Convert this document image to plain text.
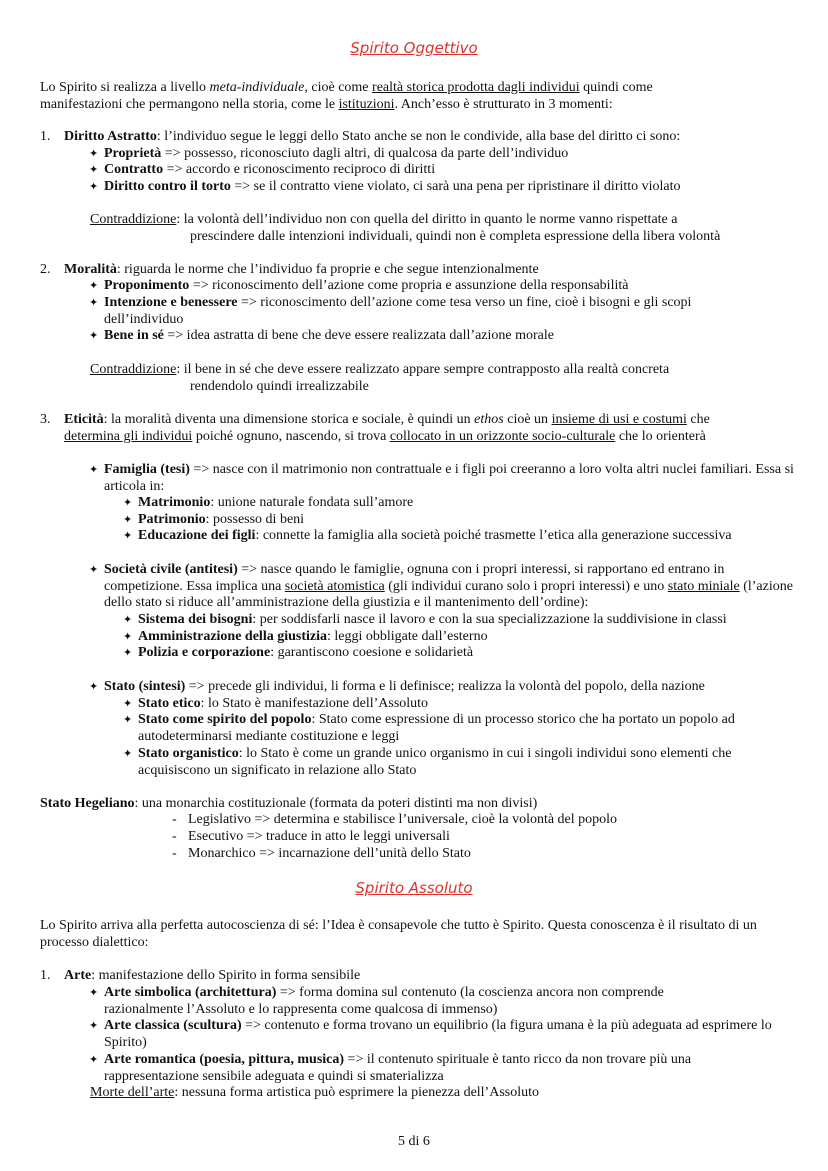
Spirito Oggettivo
Lo Spirito si realizza a livello meta-individuale, cioè come realtà storica prodotta dagli individui quindi come
manifestazioni che permangono nella storia, come le istituzioni. Anch’esso è strutturato in 3 momenti:
1. Diritto Astratto: l’individuo segue le leggi dello Stato anche se non le condivide, alla base del diritto ci sono:
✦ Proprietà => possesso, riconosciuto dagli altri, di qualcosa da parte dell’individuo
✦ Contratto => accordo e riconoscimento reciproco di diritti
✦ Diritto contro il torto => se il contratto viene violato, ci sarà una pena per ripristinare il diritto violato
Contraddizione: la volontà dell’individuo non con quella del diritto in quanto le norme vanno rispettate a
prescindere dalle intenzioni individuali, quindi non è completa espressione della libera volontà
2. Moralità: riguarda le norme che l’individuo fa proprie e che segue intenzionalmente
✦ Proponimento => riconoscimento dell’azione come propria e assunzione della responsabilità
✦ Intenzione e benessere => riconoscimento dell’azione come tesa verso un fine, cioè i bisogni e gli scopi dell’individuo
✦ Bene in sé => idea astratta di bene che deve essere realizzata dall’azione morale
Contraddizione: il bene in sé che deve essere realizzato appare sempre contrapposto alla realtà concreta
rendendolo quindi irrealizzabile
3. Eticità: la moralità diventa una dimensione storica e sociale, è quindi un ethos cioè un insieme di usi e costumi che
determina gli individui poiché ognuno, nascendo, si trova collocato in un orizzonte socio-culturale che lo orienterà
✦ Famiglia (tesi) => nasce con il matrimonio non contrattuale e i figli poi creeranno a loro volta altri nuclei familiari. Essa si articola in:
✦ Matrimonio: unione naturale fondata sull’amore
✦ Patrimonio: possesso di beni
✦ Educazione dei figli: connette la famiglia alla società poiché trasmette l’etica alla generazione successiva
✦ Società civile (antitesi) => nasce quando le famiglie, ognuna con i propri interessi, si rapportano ed entrano in competizione. Essa implica una società atomistica (gli individui curano solo i propri interessi) e uno stato miniale (l’azione dello stato si riduce all’amministrazione della giustizia e il mantenimento dell’ordine):
✦ Sistema dei bisogni: per soddisfarli nasce il lavoro e con la sua specializzazione la suddivisione in classi
✦ Amministrazione della giustizia: leggi obbligate dall’esterno
✦ Polizia e corporazione: garantiscono coesione e solidarietà
✦ Stato (sintesi) => precede gli individui, li forma e li definisce; realizza la volontà del popolo, della nazione
✦ Stato etico: lo Stato è manifestazione dell’Assoluto
✦ Stato come spirito del popolo: Stato come espressione di un processo storico che ha portato un popolo ad autodeterminarsi mediante costituzione e leggi
✦ Stato organistico: lo Stato è come un grande unico organismo in cui i singoli individui sono elementi che acquisiscono un significato in relazione allo Stato
Stato Hegeliano: una monarchia costituzionale (formata da poteri distinti ma non divisi)
- Legislativo => determina e stabilisce l’universale, cioè la volontà del popolo
- Esecutivo => traduce in atto le leggi universali
- Monarchico => incarnazione dell’unità dello Stato
Spirito Assoluto
Lo Spirito arriva alla perfetta autocoscienza di sé: l’Idea è consapevole che tutto è Spirito. Questa conoscenza è il risultato di un processo dialettico:
1. Arte: manifestazione dello Spirito in forma sensibile
✦ Arte simbolica (architettura) => forma domina sul contenuto (la coscienza ancora non comprende razionalmente l’Assoluto e lo rappresenta come qualcosa di immenso)
✦ Arte classica (scultura) => contenuto e forma trovano un equilibrio (la figura umana è la più adeguata ad esprimere lo Spirito)
✦ Arte romantica (poesia, pittura, musica) => il contenuto spirituale è tanto ricco da non trovare più una rappresentazione sensibile adeguata e quindi si smaterializza
Morte dell’arte: nessuna forma artistica può esprimere la pienezza dell’Assoluto
5 di 6
